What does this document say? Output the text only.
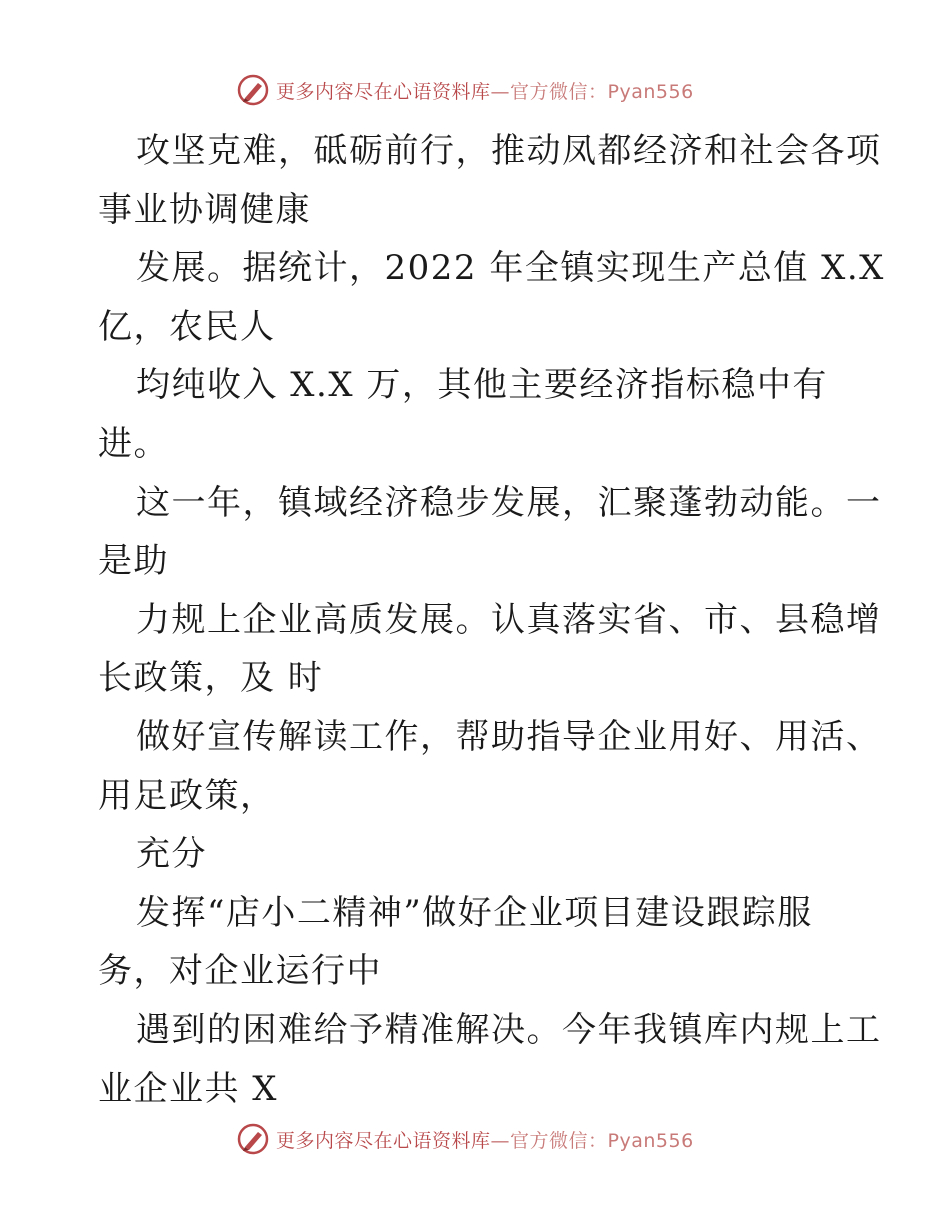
更多内容尽在心语资料库—官方微信：Pyan556
攻坚克难，砥砺前行，推动凤都经济和社会各项
事业协调健康
发展。据统计，2022 年全镇实现生产总值 X.X
亿，农民人
均纯收入 X.X 万，其他主要经济指标稳中有
进。
这一年，镇域经济稳步发展，汇聚蓬勃动能。一
是助
力规上企业高质发展。认真落实省、市、县稳增
长政策，及 时
做好宣传解读工作，帮助指导企业用好、用活、
用足政策，
充分
发挥“店小二精神”做好企业项目建设跟踪服
务，对企业运行中
遇到的困难给予精准解决。今年我镇库内规上工
业企业共 X
更多内容尽在心语资料库—官方微信：Pyan556
